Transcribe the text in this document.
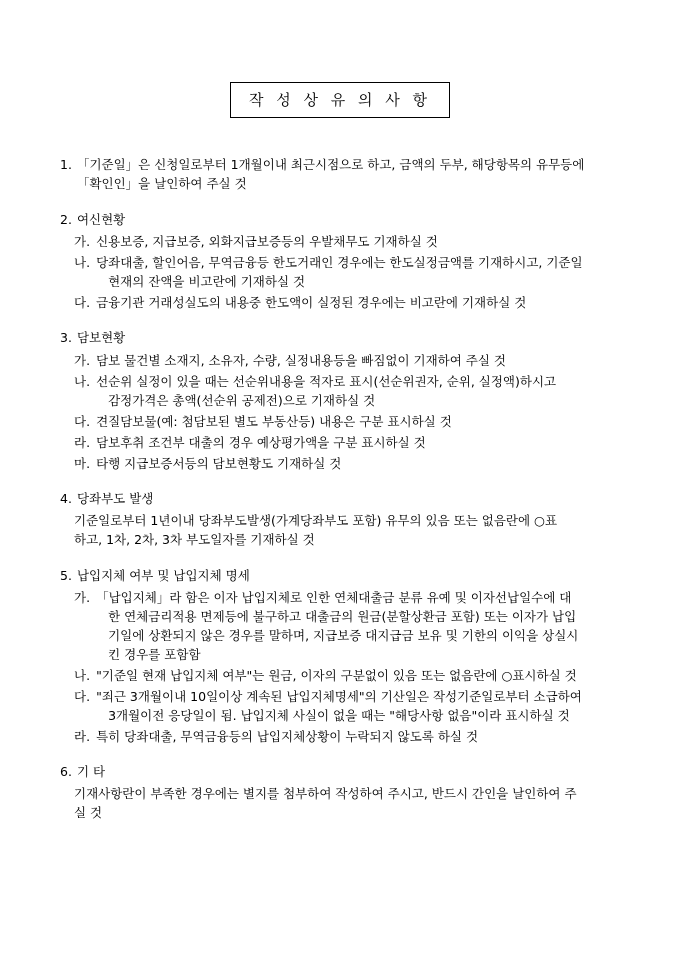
작 성 상 유 의 사 항
1. 「기준일」은 신청일로부터 1개월이내 최근시점으로 하고, 금액의 두부, 해당항목의 유무등에
「확인인」을 날인하여 주실 것
2. 여신현황
가. 신용보증, 지급보증, 외화지급보증등의 우발채무도 기재하실 것
나. 당좌대출, 할인어음, 무역금융등 한도거래인 경우에는 한도실정금액를 기재하시고, 기준일
현재의 잔액을 비고란에 기재하실 것
다. 금융기관 거래성실도의 내용중 한도액이 실정된 경우에는 비고란에 기재하실 것
3. 담보현황
가. 담보 물건별 소재지, 소유자, 수량, 실정내용등을 빠짐없이 기재하여 주실 것
나. 선순위 실정이 있을 때는 선순위내용을 적자로 표시(선순위권자, 순위, 실정액)하시고
감정가격은 총액(선순위 공제전)으로 기재하실 것
다. 견질담보물(예: 첨담보된 별도 부동산등) 내용은 구분 표시하실 것
라. 담보후취 조건부 대출의 경우 예상평가액을 구분 표시하실 것
마. 타행 지급보증서등의 담보현황도 기재하실 것
4. 당좌부도 발생
기준일로부터 1년이내 당좌부도발생(가계당좌부도 포함) 유무의 있음 또는 없음란에 ○표
하고, 1차, 2차, 3차 부도일자를 기재하실 것
5. 납입지체 여부 및 납입지체 명세
가. 「납입지체」라 함은 이자 납입지체로 인한 연체대출금 분류 유예 및 이자선납일수에 대
한 연체금리적용 면제등에 불구하고 대출금의 원금(분할상환금 포함) 또는 이자가 납입
기일에 상환되지 않은 경우를 말하며, 지급보증 대지급금 보유 및 기한의 이익을 상실시
킨 경우를 포함함
나. "기준일 현재 납입지체 여부"는 원금, 이자의 구분없이 있음 또는 없음란에 ○표시하실 것
다. "죄근 3개월이내 10일이상 계속된 납입지체명세"의 기산일은 작성기준일로부터 소급하여
3개월이전 응당일이 됨. 납입지체 사실이 없을 때는 "해당사항 없음"이라 표시하실 것
라. 특히 당좌대출, 무역금융등의 납입지체상황이 누락되지 않도록 하실 것
6. 기 타
기재사항란이 부족한 경우에는 별지를 첨부하여 작성하여 주시고, 반드시 간인을 날인하여 주
실 것
